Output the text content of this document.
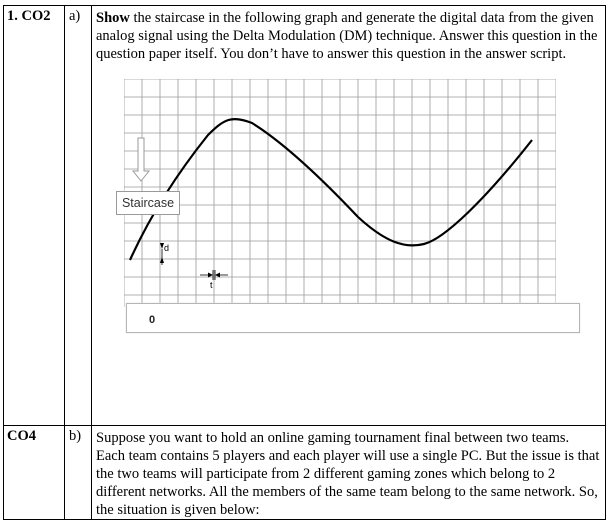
1. CO2	a)	Show the staircase in the following graph and generate the digital data from the given analog signal using the Delta Modulation (DM) technique. Answer this question in the question paper itself. You don’t have to answer this question in the answer script.
d
t
Staircase
0

CO4	b)	Suppose you want to hold an online gaming tournament final between two teams. Each team contains 5 players and each player will use a single PC. But the issue is that the two teams will participate from 2 different gaming zones which belong to 2 different networks. All the members of the same team belong to the same network. So, the situation is given below:
